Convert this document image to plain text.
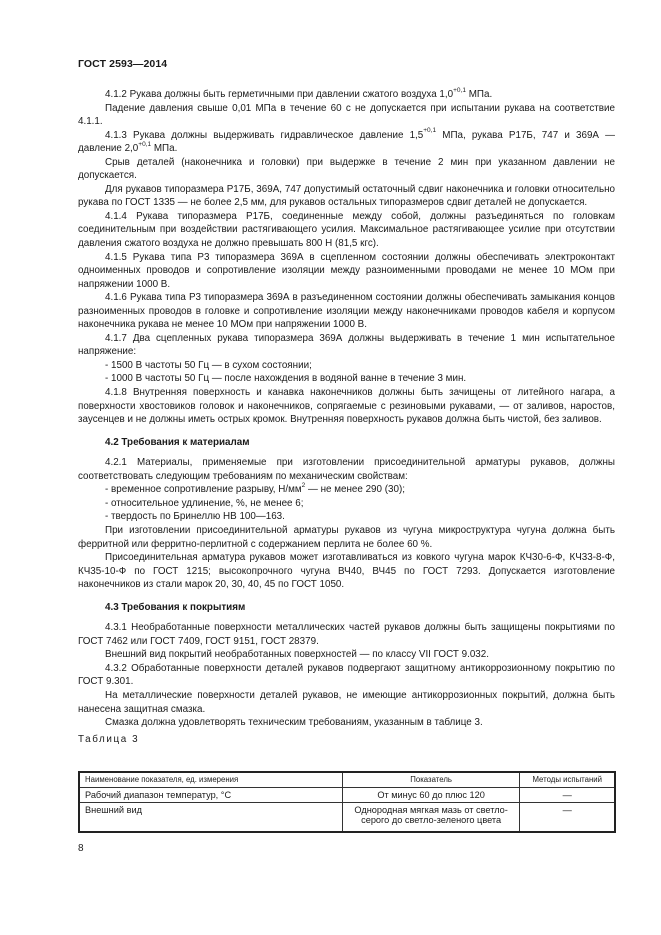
ГОСТ 2593—2014

4.1.2 Рукава должны быть герметичными при давлении сжатого воздуха $1,0^{+0,1}$ МПа.

Падение давления свыше 0,01 МПа в течение 60 с не допускается при испытании рукава на соответствие 4.1.1.

4.1.3 Рукава должны выдерживать гидравлическое давление $1,5^{+0,1}$ МПа, рукава Р17Б, 747 и 369А — давление $2,0^{+0,1}$ МПа.

Срыв деталей (наконечника и головки) при выдержке в течение 2 мин при указанном давлении не допускается.

Для рукавов типоразмера Р17Б, 369А, 747 допустимый остаточный сдвиг наконечника и головки относительно рукава по ГОСТ 1335 — не более 2,5 мм, для рукавов остальных типоразмеров сдвиг деталей не допускается.

4.1.4 Рукава типоразмера Р17Б, соединенные между собой, должны разъединяться по головкам соединительным при воздействии растягивающего усилия. Максимальное растягивающее усилие при отсутствии давления сжатого воздуха не должно превышать 800 Н (81,5 кгс).

4.1.5 Рукава типа Р3 типоразмера 369А в сцепленном состоянии должны обеспечивать электроконтакт одноименных проводов и сопротивление изоляции между разноименными проводами не менее 10 МОм при напряжении 1000 В.

4.1.6 Рукава типа Р3 типоразмера 369А в разъединенном состоянии должны обеспечивать замыкания концов разноименных проводов в головке и сопротивление изоляции между наконечниками проводов кабеля и корпусом наконечника рукава не менее 10 МОм при напряжении 1000 В.

4.1.7 Два сцепленных рукава типоразмера 369А должны выдерживать в течение 1 мин испытательное напряжение:

- 1500 В частоты 50 Гц — в сухом состоянии;

- 1000 В частоты 50 Гц — после нахождения в водяной ванне в течение 3 мин.

4.1.8 Внутренняя поверхность и канавка наконечников должны быть зачищены от литейного нагара, а поверхности хвостовиков головок и наконечников, сопрягаемые с резиновыми рукавами, — от заливов, наростов, заусенцев и не должны иметь острых кромок. Внутренняя поверхность рукавов должна быть чистой, без заливов.

4.2 Требования к материалам

4.2.1 Материалы, применяемые при изготовлении присоединительной арматуры рукавов, должны соответствовать следующим требованиям по механическим свойствам:

- временное сопротивление разрыву, $Н/мм^2$ — не менее 290 (30);

- относительное удлинение, %, не менее 6;

- твердость по Бринеллю НВ 100—163.

При изготовлении присоединительной арматуры рукавов из чугуна микроструктура чугуна должна быть ферритной или ферритно-перлитной с содержанием перлита не более 60 %.

Присоединительная арматура рукавов может изготавливаться из ковкого чугуна марок КЧ30-6-Ф, КЧ33-8-Ф, КЧ35-10-Ф по ГОСТ 1215; высокопрочного чугуна ВЧ40, ВЧ45 по ГОСТ 7293. Допускается изготовление наконечников из стали марок 20, 30, 40, 45 по ГОСТ 1050.

4.3 Требования к покрытиям

4.3.1 Необработанные поверхности металлических частей рукавов должны быть защищены покрытиями по ГОСТ 7462 или ГОСТ 7409, ГОСТ 9151, ГОСТ 28379.

Внешний вид покрытий необработанных поверхностей — по классу VII ГОСТ 9.032.

4.3.2 Обработанные поверхности деталей рукавов подвергают защитному антикоррозионному покрытию по ГОСТ 9.301.

На металлические поверхности деталей рукавов, не имеющие антикоррозионных покрытий, должна быть нанесена защитная смазка.

Смазка должна удовлетворять техническим требованиям, указанным в таблице 3.

Таблица 3
Наименование показателя, ед. измерения	Показатель	Методы испытаний
Рабочий диапазон температур, °С	От минус 60 до плюс 120	—
Внешний вид	Однородная мягкая мазь от светло-серого до светло-зеленого цвета	—
8
